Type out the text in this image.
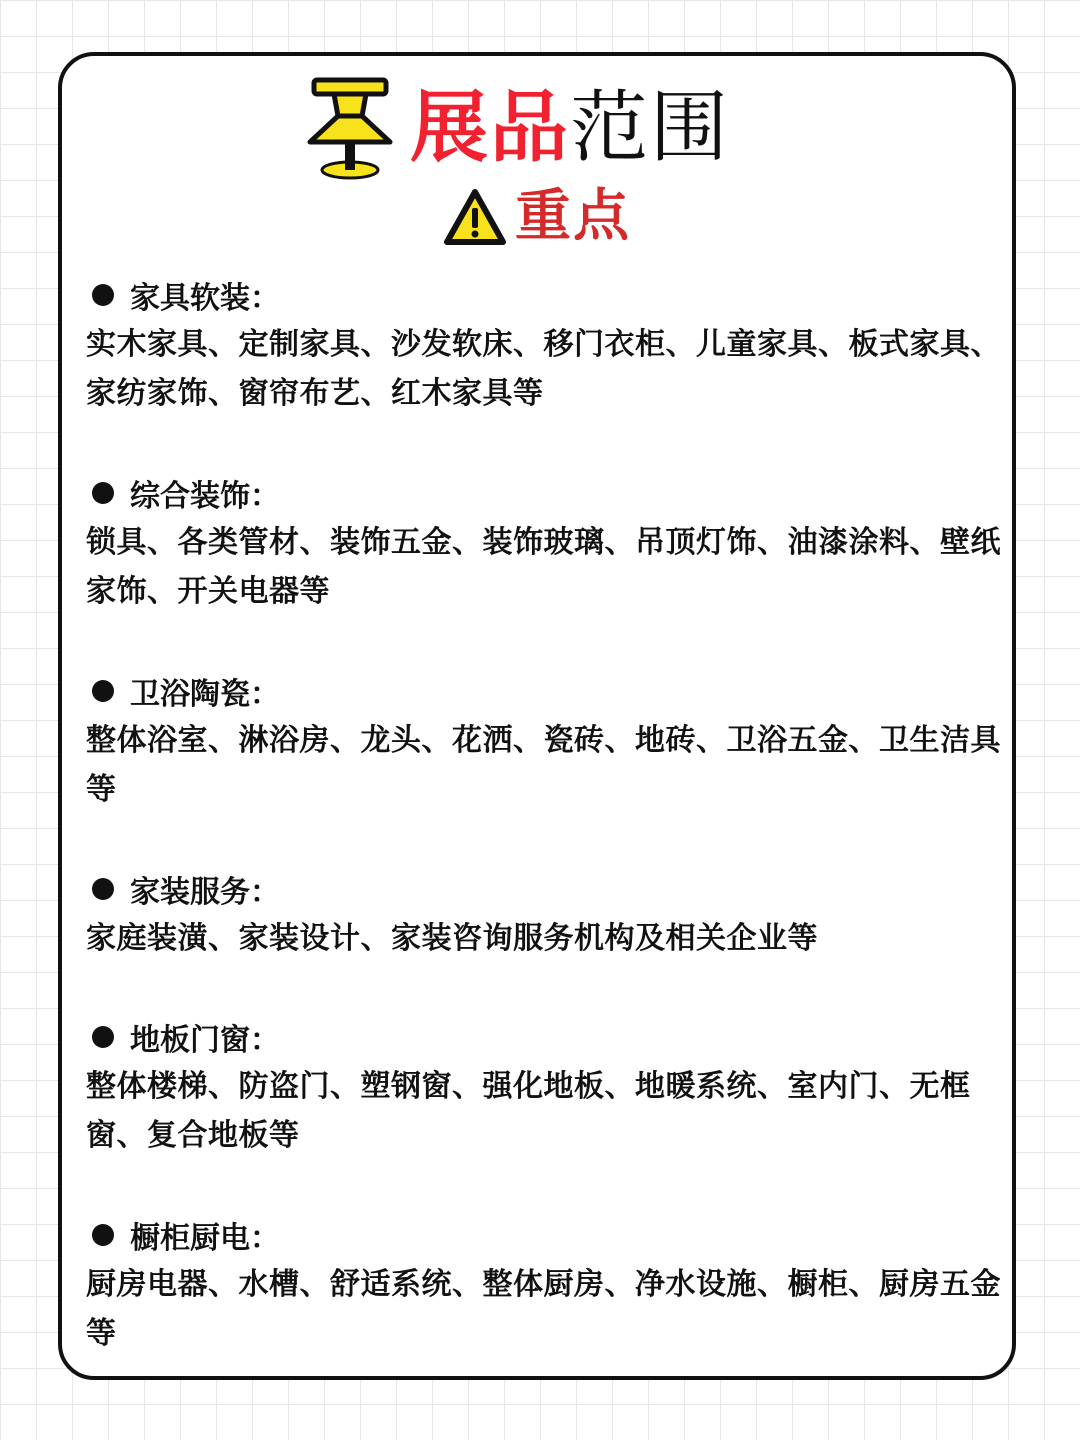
展品 范围
重点
家具软装：
实木家具、定制家具、沙发软床、移门衣柜、儿童家具、板式家具、家纺家饰、窗帘布艺、红木家具等
综合装饰：
锁具、各类管材、装饰五金、装饰玻璃、吊顶灯饰、油漆涂料、壁纸家饰、开关电器等
卫浴陶瓷：
整体浴室、淋浴房、龙头、花洒、瓷砖、地砖、卫浴五金、卫生洁具等
家装服务：
家庭装潢、家装设计、家装咨询服务机构及相关企业等
地板门窗：
整体楼梯、防盗门、塑钢窗、强化地板、地暖系统、室内门、无框窗、复合地板等
橱柜厨电：
厨房电器、水槽、舒适系统、整体厨房、净水设施、橱柜、厨房五金等
